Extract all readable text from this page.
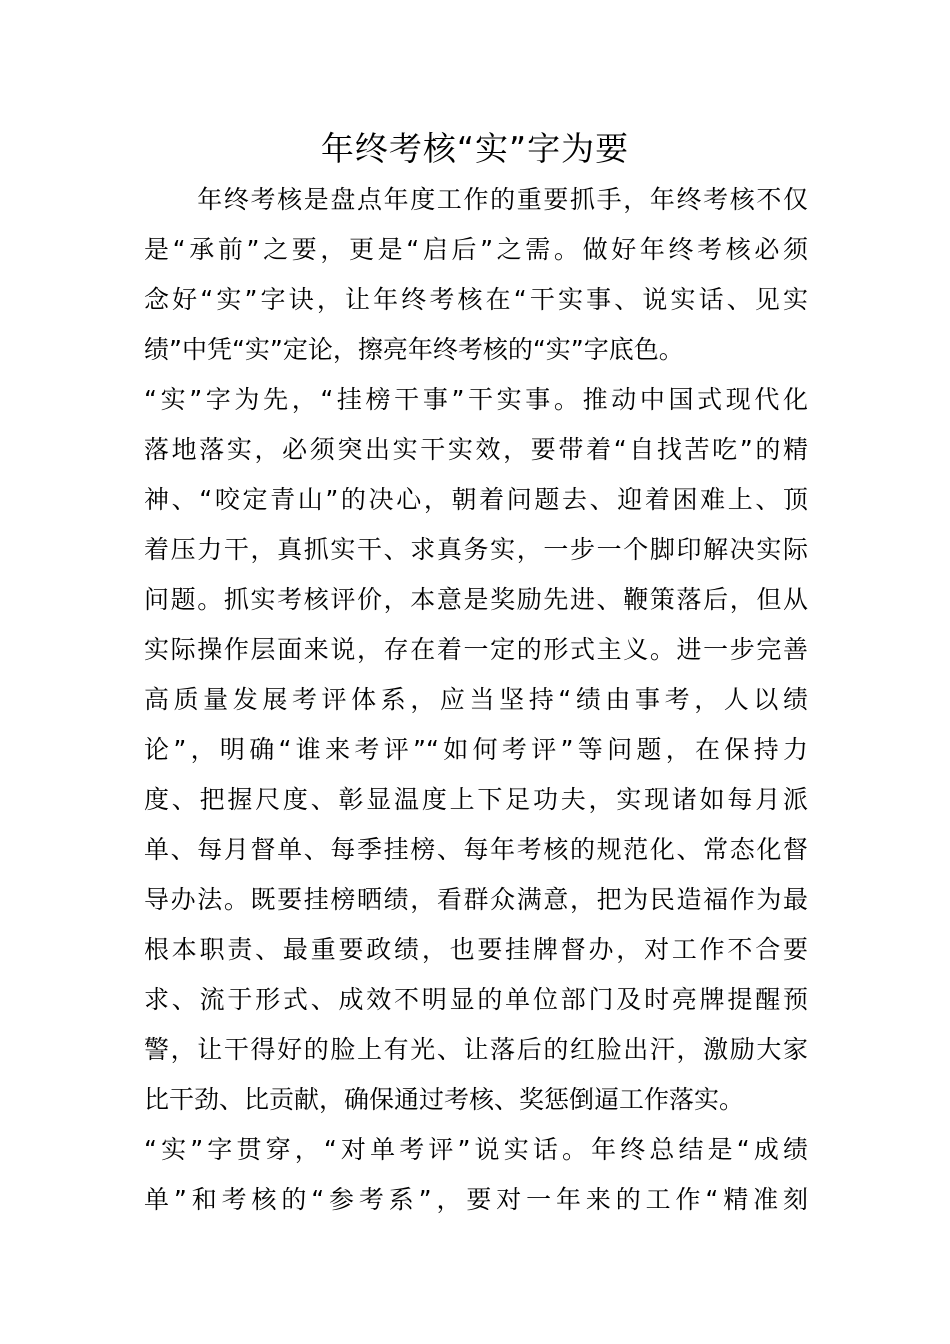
年终考核“实”字为要
　　年终考核是盘点年度工作的重要抓手，年终考核不仅
是“承前”之要，更是“启后”之需。做好年终考核必须
念好“实”字诀，让年终考核在“干实事、说实话、见实
绩”中凭“实”定论，擦亮年终考核的“实”字底色。
“实”字为先，“挂榜干事”干实事。推动中国式现代化
落地落实，必须突出实干实效，要带着“自找苦吃”的精
神、“咬定青山”的决心，朝着问题去、迎着困难上、顶
着压力干，真抓实干、求真务实，一步一个脚印解决实际
问题。抓实考核评价，本意是奖励先进、鞭策落后，但从
实际操作层面来说，存在着一定的形式主义。进一步完善
高质量发展考评体系，应当坚持“绩由事考，人以绩
论”，明确“谁来考评”“如何考评”等问题，在保持力
度、把握尺度、彰显温度上下足功夫，实现诸如每月派
单、每月督单、每季挂榜、每年考核的规范化、常态化督
导办法。既要挂榜晒绩，看群众满意，把为民造福作为最
根本职责、最重要政绩，也要挂牌督办，对工作不合要
求、流于形式、成效不明显的单位部门及时亮牌提醒预
警，让干得好的脸上有光、让落后的红脸出汗，激励大家
比干劲、比贡献，确保通过考核、奖惩倒逼工作落实。
“实”字贯穿，“对单考评”说实话。年终总结是“成绩
单”和考核的“参考系”，要对一年来的工作“精准刻
